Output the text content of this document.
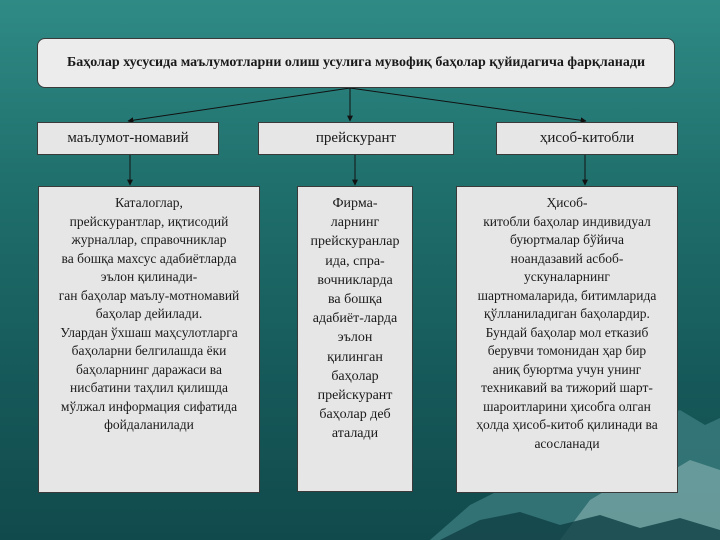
Баҳолар хусусида маълумотларни олиш усулига мувофиқ баҳолар қуйидагича фарқланади
маълумот-номавий	прейскурант	ҳисоб-китобли
Каталоглар,
прейскурантлар, иқтисодий
журналлар, справочниклар
ва бошқа махсус адабиётларда
эълон қилинади-
ган баҳолар маълу-мотномавий
баҳолар дейилади.
Улардан ўхшаш маҳсулотларга
баҳоларни белгилашда ёки
баҳоларнинг даражаси ва
нисбатини таҳлил қилишда
мўлжал информация сифатида
фойдаланилади
Фирма-
ларнинг
прейскуранлар
ида, спра-
вочникларда
ва бошқа
адабиёт-ларда
эълон
қилинган
баҳолар
прейскурант
баҳолар деб
аталади
Ҳисоб-
китобли баҳолар индивидуал
буюртмалар бўйича
ноандазавий асбоб-
ускуналарнинг
шартномаларида, битимларида
қўлланиладиган баҳолардир.
Бундай баҳолар мол етказиб
берувчи томонидан ҳар бир
аниқ буюртма учун унинг
техникавий ва тижорий шарт-
шароитларини ҳисобга олган
ҳолда ҳисоб-китоб қилинади ва
асосланади
